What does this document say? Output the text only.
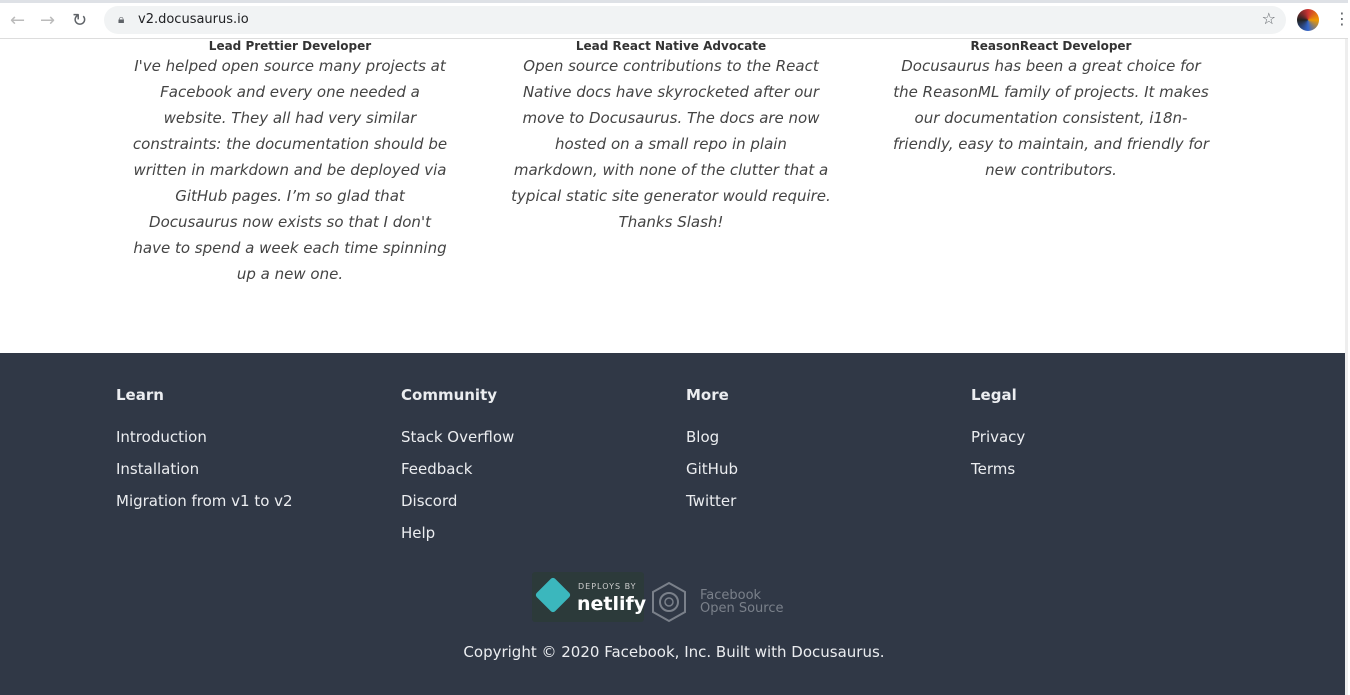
← → ↻	🔒︎ v2.docusaurus.io	☆	⋮
Lead Prettier Developer

I've helped open source many projects at Facebook and every one needed a website. They all had very similar constraints: the documentation should be written in markdown and be deployed via GitHub pages. I’m so glad that Docusaurus now exists so that I don't have to spend a week each time spinning up a new one.

Lead React Native Advocate

Open source contributions to the React Native docs have skyrocketed after our move to Docusaurus. The docs are now hosted on a small repo in plain markdown, with none of the clutter that a typical static site generator would require. Thanks Slash!

ReasonReact Developer

Docusaurus has been a great choice for the ReasonML family of projects. It makes our documentation consistent, i18n-friendly, easy to maintain, and friendly for new contributors.

Learn
Introduction
Installation
Migration from v1 to v2
Community
Stack Overflow
Feedback
Discord
Help
More
Blog
GitHub
Twitter
Legal
Privacy
Terms
DEPLOYS BY
netlify	Facebook
Open Source
Copyright © 2020 Facebook, Inc. Built with Docusaurus.
